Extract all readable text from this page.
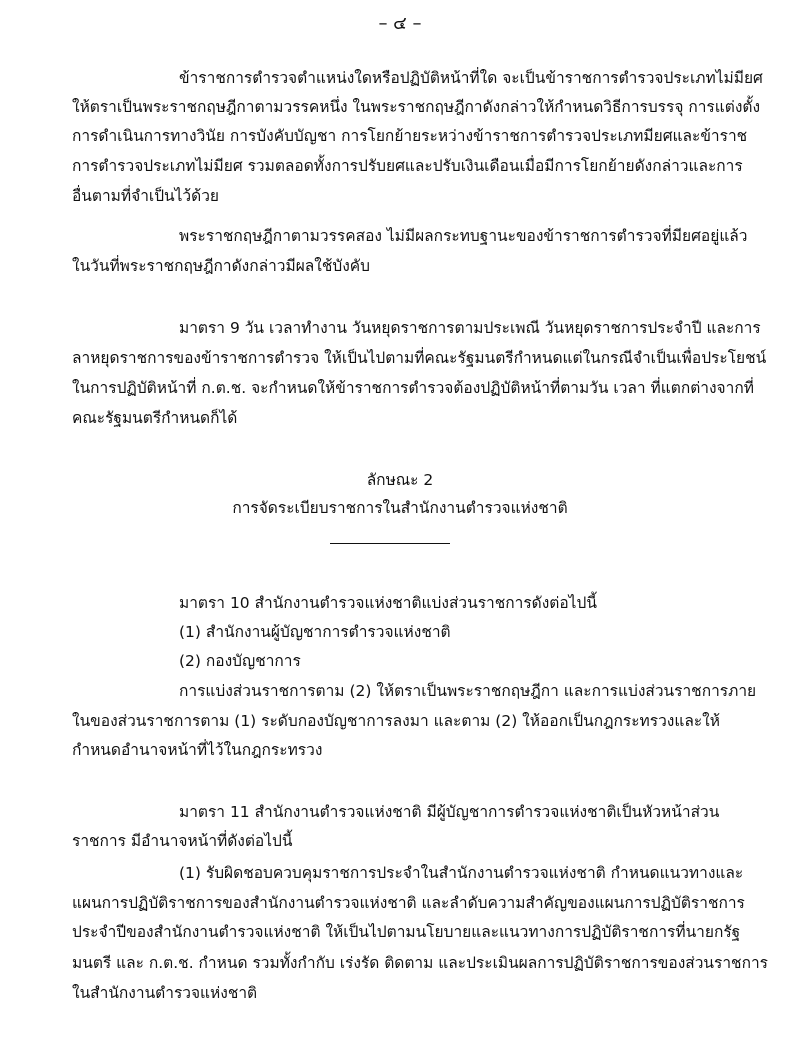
– ๔ –
ข้าราชการตำรวจตำแหน่งใดหรือปฏิบัติหน้าที่ใด จะเป็นข้าราชการตำรวจประเภทไม่มียศ
ให้ตราเป็นพระราชกฤษฎีกาตามวรรคหนึ่ง ในพระราชกฤษฎีกาดังกล่าวให้กำหนดวิธีการบรรจุ การแต่งตั้ง
การดำเนินการทางวินัย การบังคับบัญชา การโยกย้ายระหว่างข้าราชการตำรวจประเภทมียศและข้าราช
การตำรวจประเภทไม่มียศ รวมตลอดทั้งการปรับยศและปรับเงินเดือนเมื่อมีการโยกย้ายดังกล่าวและการ
อื่นตามที่จำเป็นไว้ด้วย
พระราชกฤษฎีกาตามวรรคสอง ไม่มีผลกระทบฐานะของข้าราชการตำรวจที่มียศอยู่แล้ว
ในวันที่พระราชกฤษฎีกาดังกล่าวมีผลใช้บังคับ
มาตรา 9 วัน เวลาทำงาน วันหยุดราชการตามประเพณี วันหยุดราชการประจำปี และการ
ลาหยุดราชการของข้าราชการตำรวจ ให้เป็นไปตามที่คณะรัฐมนตรีกำหนดแต่ในกรณีจำเป็นเพื่อประโยชน์
ในการปฏิบัติหน้าที่ ก.ต.ช. จะกำหนดให้ข้าราชการตำรวจต้องปฏิบัติหน้าที่ตามวัน เวลา ที่แตกต่างจากที่
คณะรัฐมนตรีกำหนดก็ได้
ลักษณะ 2
การจัดระเบียบราชการในสำนักงานตำรวจแห่งชาติ
มาตรา 10 สำนักงานตำรวจแห่งชาติแบ่งส่วนราชการดังต่อไปนี้
(1) สำนักงานผู้บัญชาการตำรวจแห่งชาติ
(2) กองบัญชาการ
การแบ่งส่วนราชการตาม (2) ให้ตราเป็นพระราชกฤษฎีกา และการแบ่งส่วนราชการภาย
ในของส่วนราชการตาม (1) ระดับกองบัญชาการลงมา และตาม (2) ให้ออกเป็นกฎกระทรวงและให้
กำหนดอำนาจหน้าที่ไว้ในกฎกระทรวง
มาตรา 11 สำนักงานตำรวจแห่งชาติ มีผู้บัญชาการตำรวจแห่งชาติเป็นหัวหน้าส่วน
ราชการ มีอำนาจหน้าที่ดังต่อไปนี้
(1) รับผิดชอบควบคุมราชการประจำในสำนักงานตำรวจแห่งชาติ กำหนดแนวทางและ
แผนการปฏิบัติราชการของสำนักงานตำรวจแห่งชาติ และลำดับความสำคัญของแผนการปฏิบัติราชการ
ประจำปีของสำนักงานตำรวจแห่งชาติ ให้เป็นไปตามนโยบายและแนวทางการปฏิบัติราชการที่นายกรัฐ
มนตรี และ ก.ต.ช. กำหนด รวมทั้งกำกับ เร่งรัด ติดตาม และประเมินผลการปฏิบัติราชการของส่วนราชการ
ในสำนักงานตำรวจแห่งชาติ
